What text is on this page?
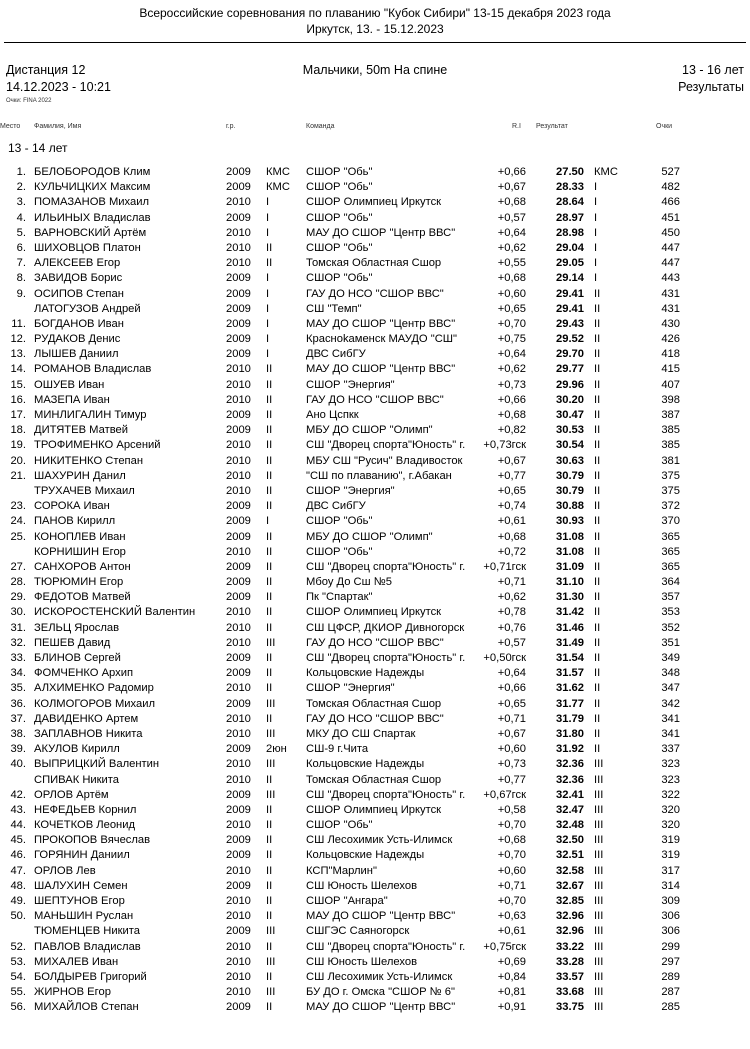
Всероссийские соревнования по плаванию "Кубок Сибири" 13-15 декабря 2023 года
Иркутск, 13. - 15.12.2023
Дистанция 12	Мальчики, 50m На спине	13 - 16 лет
14.12.2023 - 10:21	Результаты
Очки: FINA 2022
Место Фамилия, Имя	г.р.	Команда	R.I Результат	Очки
13 - 14 лет
1. БЕЛОБОРОДОВ Клим	2009 КМС СШОР "Обь"	+0,66	27.50 КМС	527
2. КУЛЬЧИЦКИХ Максим	2009 КМС СШОР "Обь"	+0,67	28.33 I	482
3. ПОМАЗАНОВ Михаил	2010 I	СШОР Олимпиец Иркутск	+0,68	28.64 I	466
4. ИЛЬИНЫХ Владислав	2009 I	СШОР "Обь"	+0,57	28.97 I	451
5. ВАРНОВСКИЙ Артём	2010 I	МАУ ДО СШОР "Центр ВВС"	+0,64	28.98 I	450
6. ШИХОВЦОВ Платон	2010 II	СШОР "Обь"	+0,62	29.04 I	447
7. АЛЕКСЕЕВ Егор	2010 II	Томская Областная Сшор	+0,55	29.05 I	447
8. ЗАВИДОВ Борис	2009 I	СШОР "Обь"	+0,68	29.14 I	443
9. ОСИПОВ Степан	2009 I	ГАУ ДО НСО "СШОР ВВС"	+0,60	29.41 II	431
ЛАТОГУЗОВ Андрей	2009 I	СШ "Темп"	+0,65	29.41 II	431
11. БОГДАНОВ Иван	2009 I	МАУ ДО СШОР "Центр ВВС"	+0,70	29.43 II	430
12. РУДАКОВ Денис	2009 I	Красноkаменск МАУДО "СШ"	+0,75	29.52 II	426
13. ЛЫШЕВ Даниил	2009 I	ДВС СибГУ	+0,64	29.70 II	418
14. РОМАНОВ Владислав	2010 II	МАУ ДО СШОР "Центр ВВС"	+0,62	29.77 II	415
15. ОШУЕВ Иван	2010 II	СШОР "Энергия"	+0,73	29.96 II	407
16. МАЗЕПА Иван	2010 II	ГАУ ДО НСО "СШОР ВВС"	+0,66	30.20 II	398
17. МИНЛИГАЛИН Тимур	2009 II	Ано Цспкк	+0,68	30.47 II	387
18. ДИТЯТЕВ Матвей	2009 II	МБУ ДО СШОР "Олимп"	+0,82	30.53 II	385
19. ТРОФИМЕНКО Арсений	2010 II	СШ "Дворец спорта"Юность" г.	+0,73гск	30.54 II	385
20. НИКИТЕНКО Степан	2010 II	МБУ СШ "Русич" Владивосток	+0,67	30.63 II	381
21. ШАХУРИН Данил	2010 II	"СШ по плаванию", г.Абакан	+0,77	30.79 II	375
ТРУХАЧЕВ Михаил	2010 II	СШОР "Энергия"	+0,65	30.79 II	375
23. СОРОКА Иван	2009 II	ДВС СибГУ	+0,74	30.88 II	372
24. ПАНОВ Кирилл	2009 I	СШОР "Обь"	+0,61	30.93 II	370
25. КОНОПЛЕВ Иван	2009 II	МБУ ДО СШОР "Олимп"	+0,68	31.08 II	365
КОРНИШИН Егор	2010 II	СШОР "Обь"	+0,72	31.08 II	365
27. САНХОРОВ Антон	2009 II	СШ "Дворец спорта"Юность" г.	+0,71гск	31.09 II	365
28. ТЮРЮМИН Егор	2009 II	Мбоу До Сш №5	+0,71	31.10 II	364
29. ФЕДОТОВ Матвей	2009 II	Пк "Спартак"	+0,62	31.30 II	357
30. ИСКОРОСТЕНСКИЙ Валентин	2010 II	СШОР Олимпиец Иркутск	+0,78	31.42 II	353
31. ЗЕЛЬЦ Ярослав	2010 II	СШ ЦФСР, ДКИОР Дивногорск	+0,76	31.46 II	352
32. ПЕШЕВ Давид	2010 III	ГАУ ДО НСО "СШОР ВВС"	+0,57	31.49 II	351
33. БЛИНОВ Сергей	2009 II	СШ "Дворец спорта"Юность" г.	+0,50гск	31.54 II	349
34. ФОМЧЕНКО Архип	2009 II	Кольцовские Надежды	+0,64	31.57 II	348
35. АЛХИМЕНКО Радомир	2010 II	СШОР "Энергия"	+0,66	31.62 II	347
36. КОЛМОГОРОВ Михаил	2009 III	Томская Областная Сшор	+0,65	31.77 II	342
37. ДАВИДЕНКО Артем	2010 II	ГАУ ДО НСО "СШОР ВВС"	+0,71	31.79 II	341
38. ЗАПЛАВНОВ Никита	2010 III	МКУ ДО СШ Спартак	+0,67	31.80 II	341
39. АКУЛОВ Кирилл	2009 2юн СШ-9 г.Чита	+0,60	31.92 II	337
40. ВЫПРИЦКИЙ Валентин	2010 III	Кольцовские Надежды	+0,73	32.36 III	323
СПИВАК Никита	2010 II	Томская Областная Сшор	+0,77	32.36 III	323
42. ОРЛОВ Артём	2009 III	СШ "Дворец спорта"Юность" г.	+0,67гск	32.41 III	322
43. НЕФЕДЬЕВ Корнил	2009 II	СШОР Олимпиец Иркутск	+0,58	32.47 III	320
44. КОЧЕТКОВ Леонид	2010 II	СШОР "Обь"	+0,70	32.48 III	320
45. ПРОКОПОВ Вячеслав	2009 II	СШ Лесохимик Усть-Илимск	+0,68	32.50 III	319
46. ГОРЯНИН Даниил	2009 II	Кольцовские Надежды	+0,70	32.51 III	319
47. ОРЛОВ Лев	2010 II	КСП"Марлин"	+0,60	32.58 III	317
48. ШАЛУХИН Семен	2009 II	СШ Юность Шелехов	+0,71	32.67 III	314
49. ШЕПТУНОВ Егор	2010 II	СШОР "Ангара"	+0,70	32.85 III	309
50. МАНЬШИН Руслан	2010 II	МАУ ДО СШОР "Центр ВВС"	+0,63	32.96 III	306
ТЮМЕНЦЕВ Никита	2009 III	СШГЭС Саяногорск	+0,61	32.96 III	306
52. ПАВЛОВ Владислав	2010 II	СШ "Дворец спорта"Юность" г.	+0,75гск	33.22 III	299
53. МИХАЛЕВ Иван	2010 III	СШ Юность Шелехов	+0,69	33.28 III	297
54. БОЛДЫРЕВ Григорий	2010 II	СШ Лесохимик Усть-Илимск	+0,84	33.57 III	289
55. ЖИРНОВ Егор	2010 III	БУ ДО г. Омска "СШОР № 6"	+0,81	33.68 III	287
56. МИХАЙЛОВ Степан	2009 II	МАУ ДО СШОР "Центр ВВС"	+0,91	33.75 III	285
